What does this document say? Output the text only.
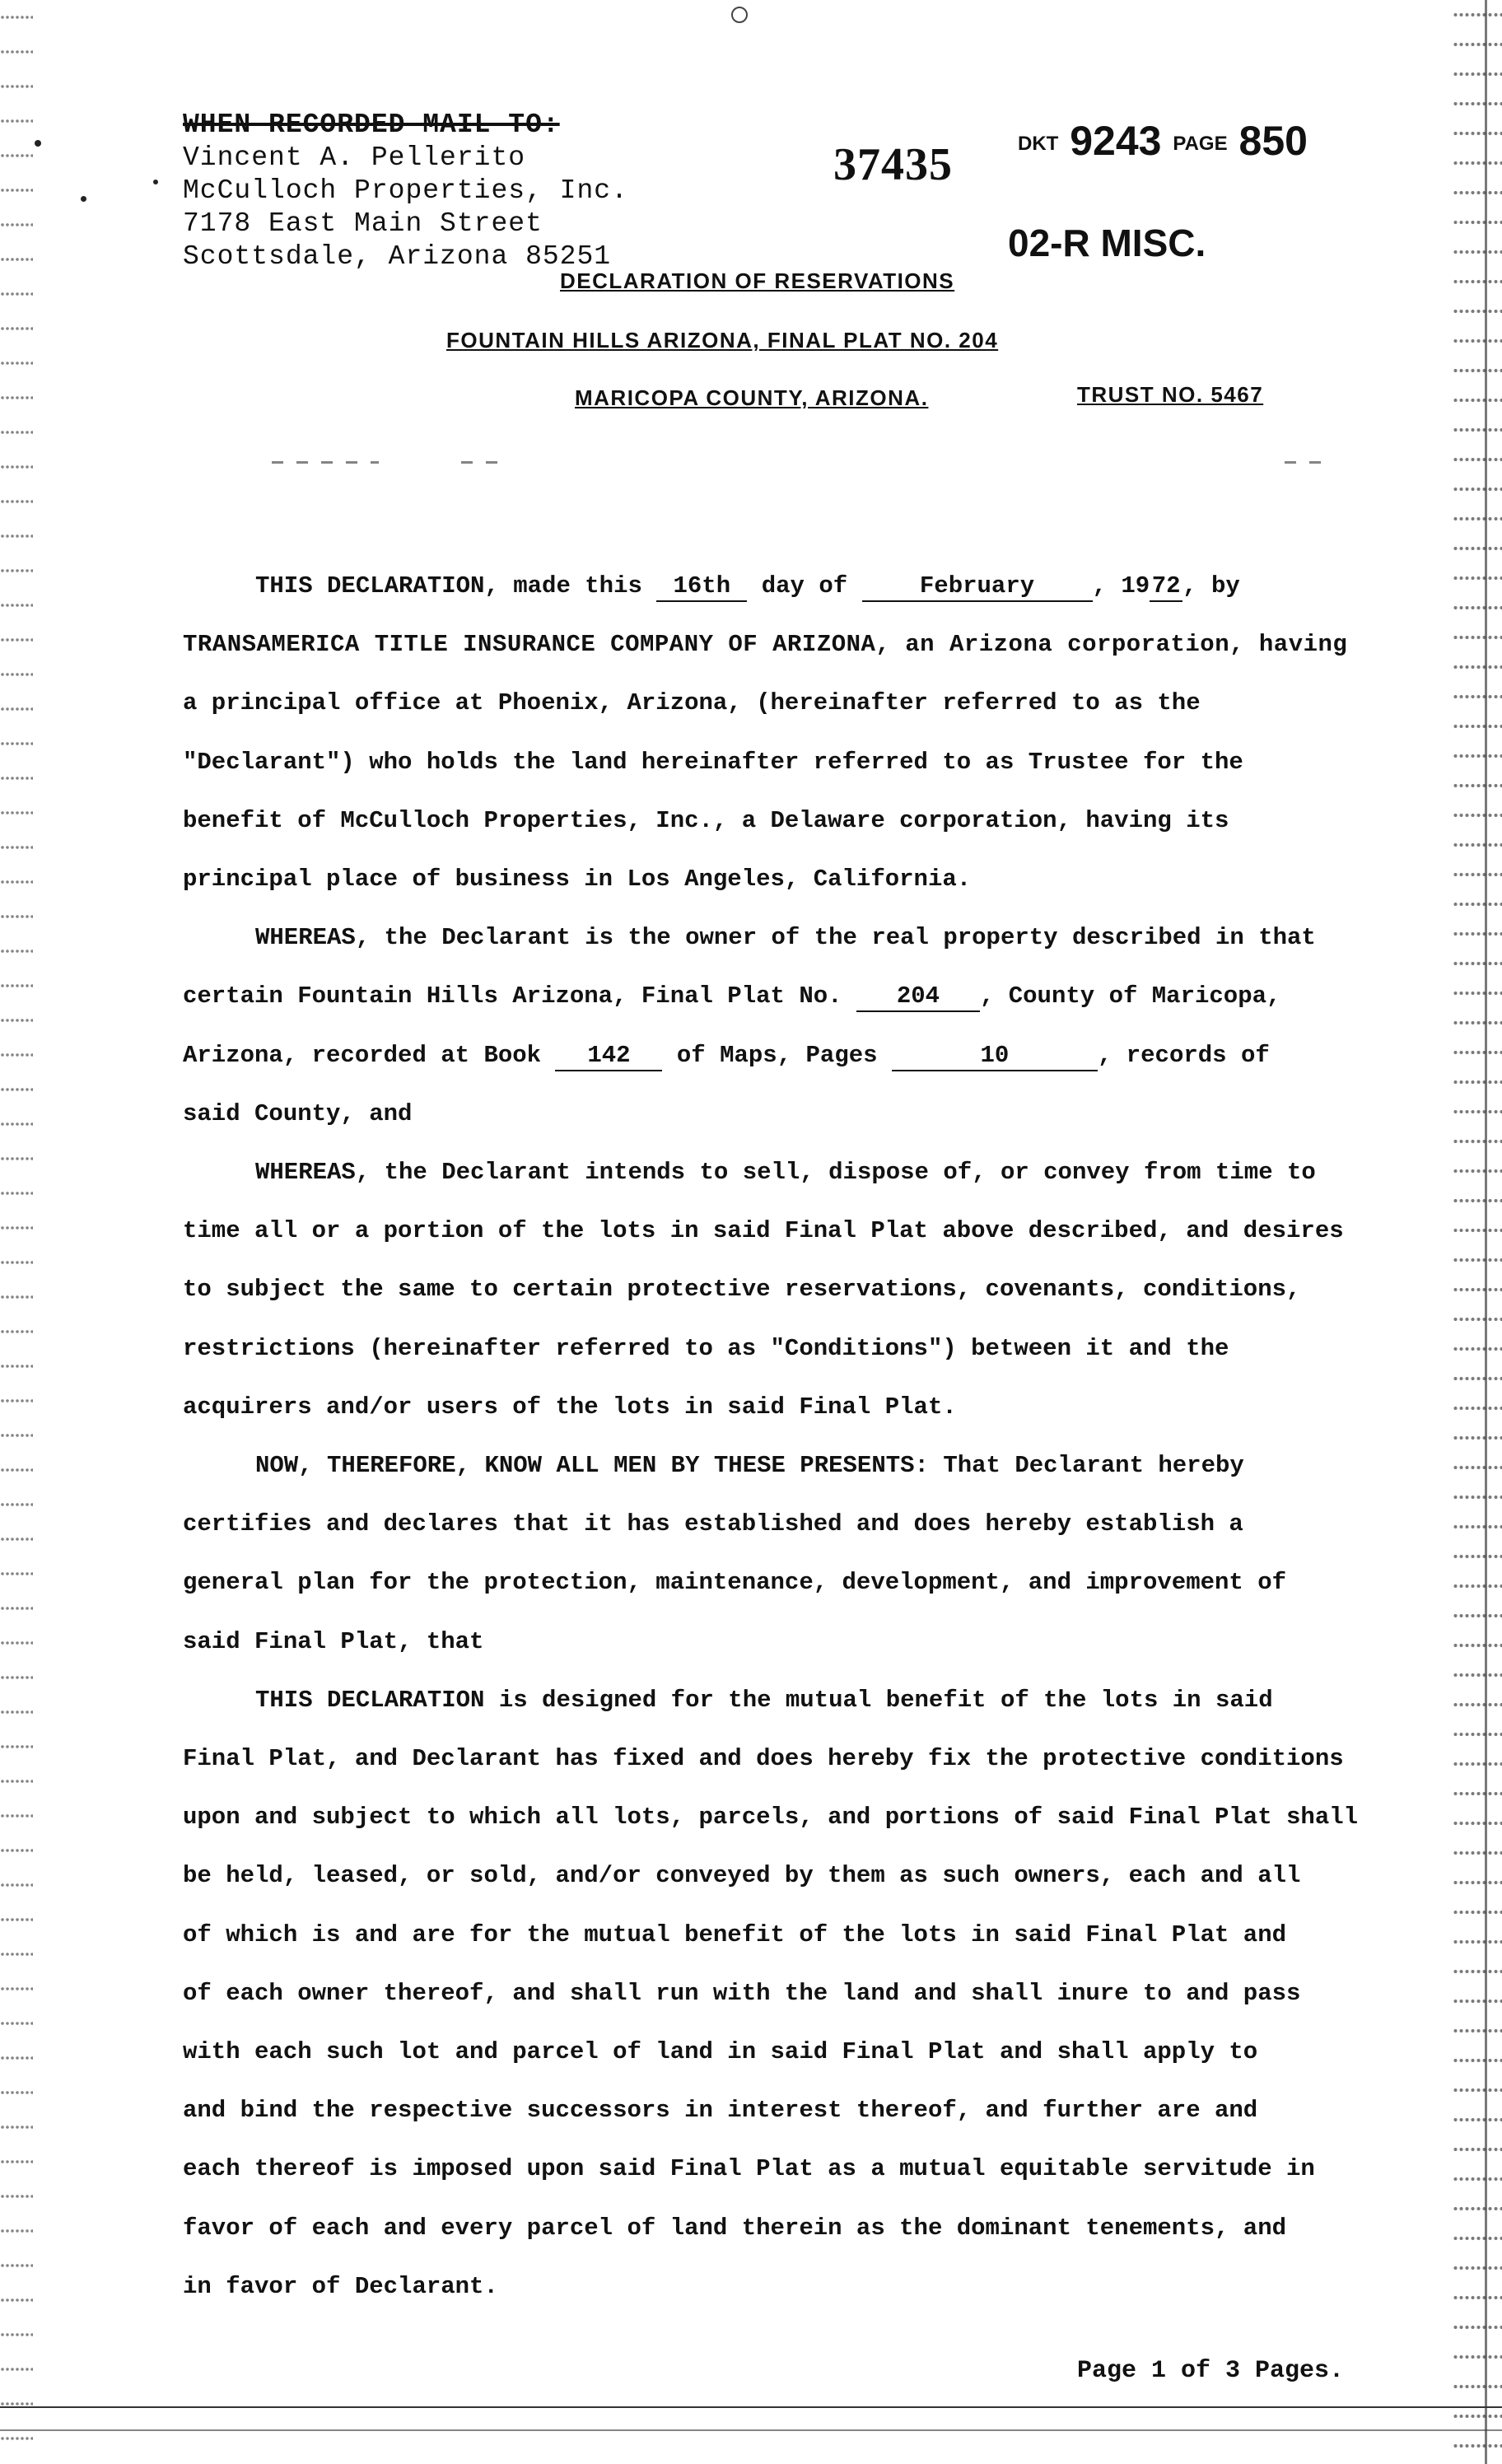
WHEN RECORDED MAIL TO:
Vincent A. Pellerito
McCulloch Properties, Inc.
7178 East Main Street
Scottsdale, Arizona 85251
37435	DKT 9243 PAGE 850
02-R MISC.
DECLARATION OF RESERVATIONS
FOUNTAIN HILLS ARIZONA, FINAL PLAT NO. 204
MARICOPA COUNTY, ARIZONA.	TRUST NO. 5467
THIS DECLARATION, made this 16th day of	February , 1972, by
TRANSAMERICA TITLE INSURANCE COMPANY OF ARIZONA, an Arizona corporation, having
a principal office at Phoenix, Arizona, (hereinafter referred to as the
"Declarant") who holds the land hereinafter referred to as Trustee for the
benefit of McCulloch Properties, Inc., a Delaware corporation, having its
principal place of business in Los Angeles, California.
WHEREAS, the Declarant is the owner of the real property described in that
certain Fountain Hills Arizona, Final Plat No. 204 , County of Maricopa,
Arizona, recorded at Book 142 of Maps, Pages	10	, records of
said County, and
WHEREAS, the Declarant intends to sell, dispose of, or convey from time to
time all or a portion of the lots in said Final Plat above described, and desires
to subject the same to certain protective reservations, covenants, conditions,
restrictions (hereinafter referred to as "Conditions") between it and the
acquirers and/or users of the lots in said Final Plat.
NOW, THEREFORE, KNOW ALL MEN BY THESE PRESENTS: That Declarant hereby
certifies and declares that it has established and does hereby establish a
general plan for the protection, maintenance, development, and improvement of
said Final Plat, that
THIS DECLARATION is designed for the mutual benefit of the lots in said
Final Plat, and Declarant has fixed and does hereby fix the protective conditions
upon and subject to which all lots, parcels, and portions of said Final Plat shall
be held, leased, or sold, and/or conveyed by them as such owners, each and all
of which is and are for the mutual benefit of the lots in said Final Plat and
of each owner thereof, and shall run with the land and shall inure to and pass
with each such lot and parcel of land in said Final Plat and shall apply to
and bind the respective successors in interest thereof, and further are and
each thereof is imposed upon said Final Plat as a mutual equitable servitude in
favor of each and every parcel of land therein as the dominant tenements, and
in favor of Declarant.
Page 1 of 3 Pages.
